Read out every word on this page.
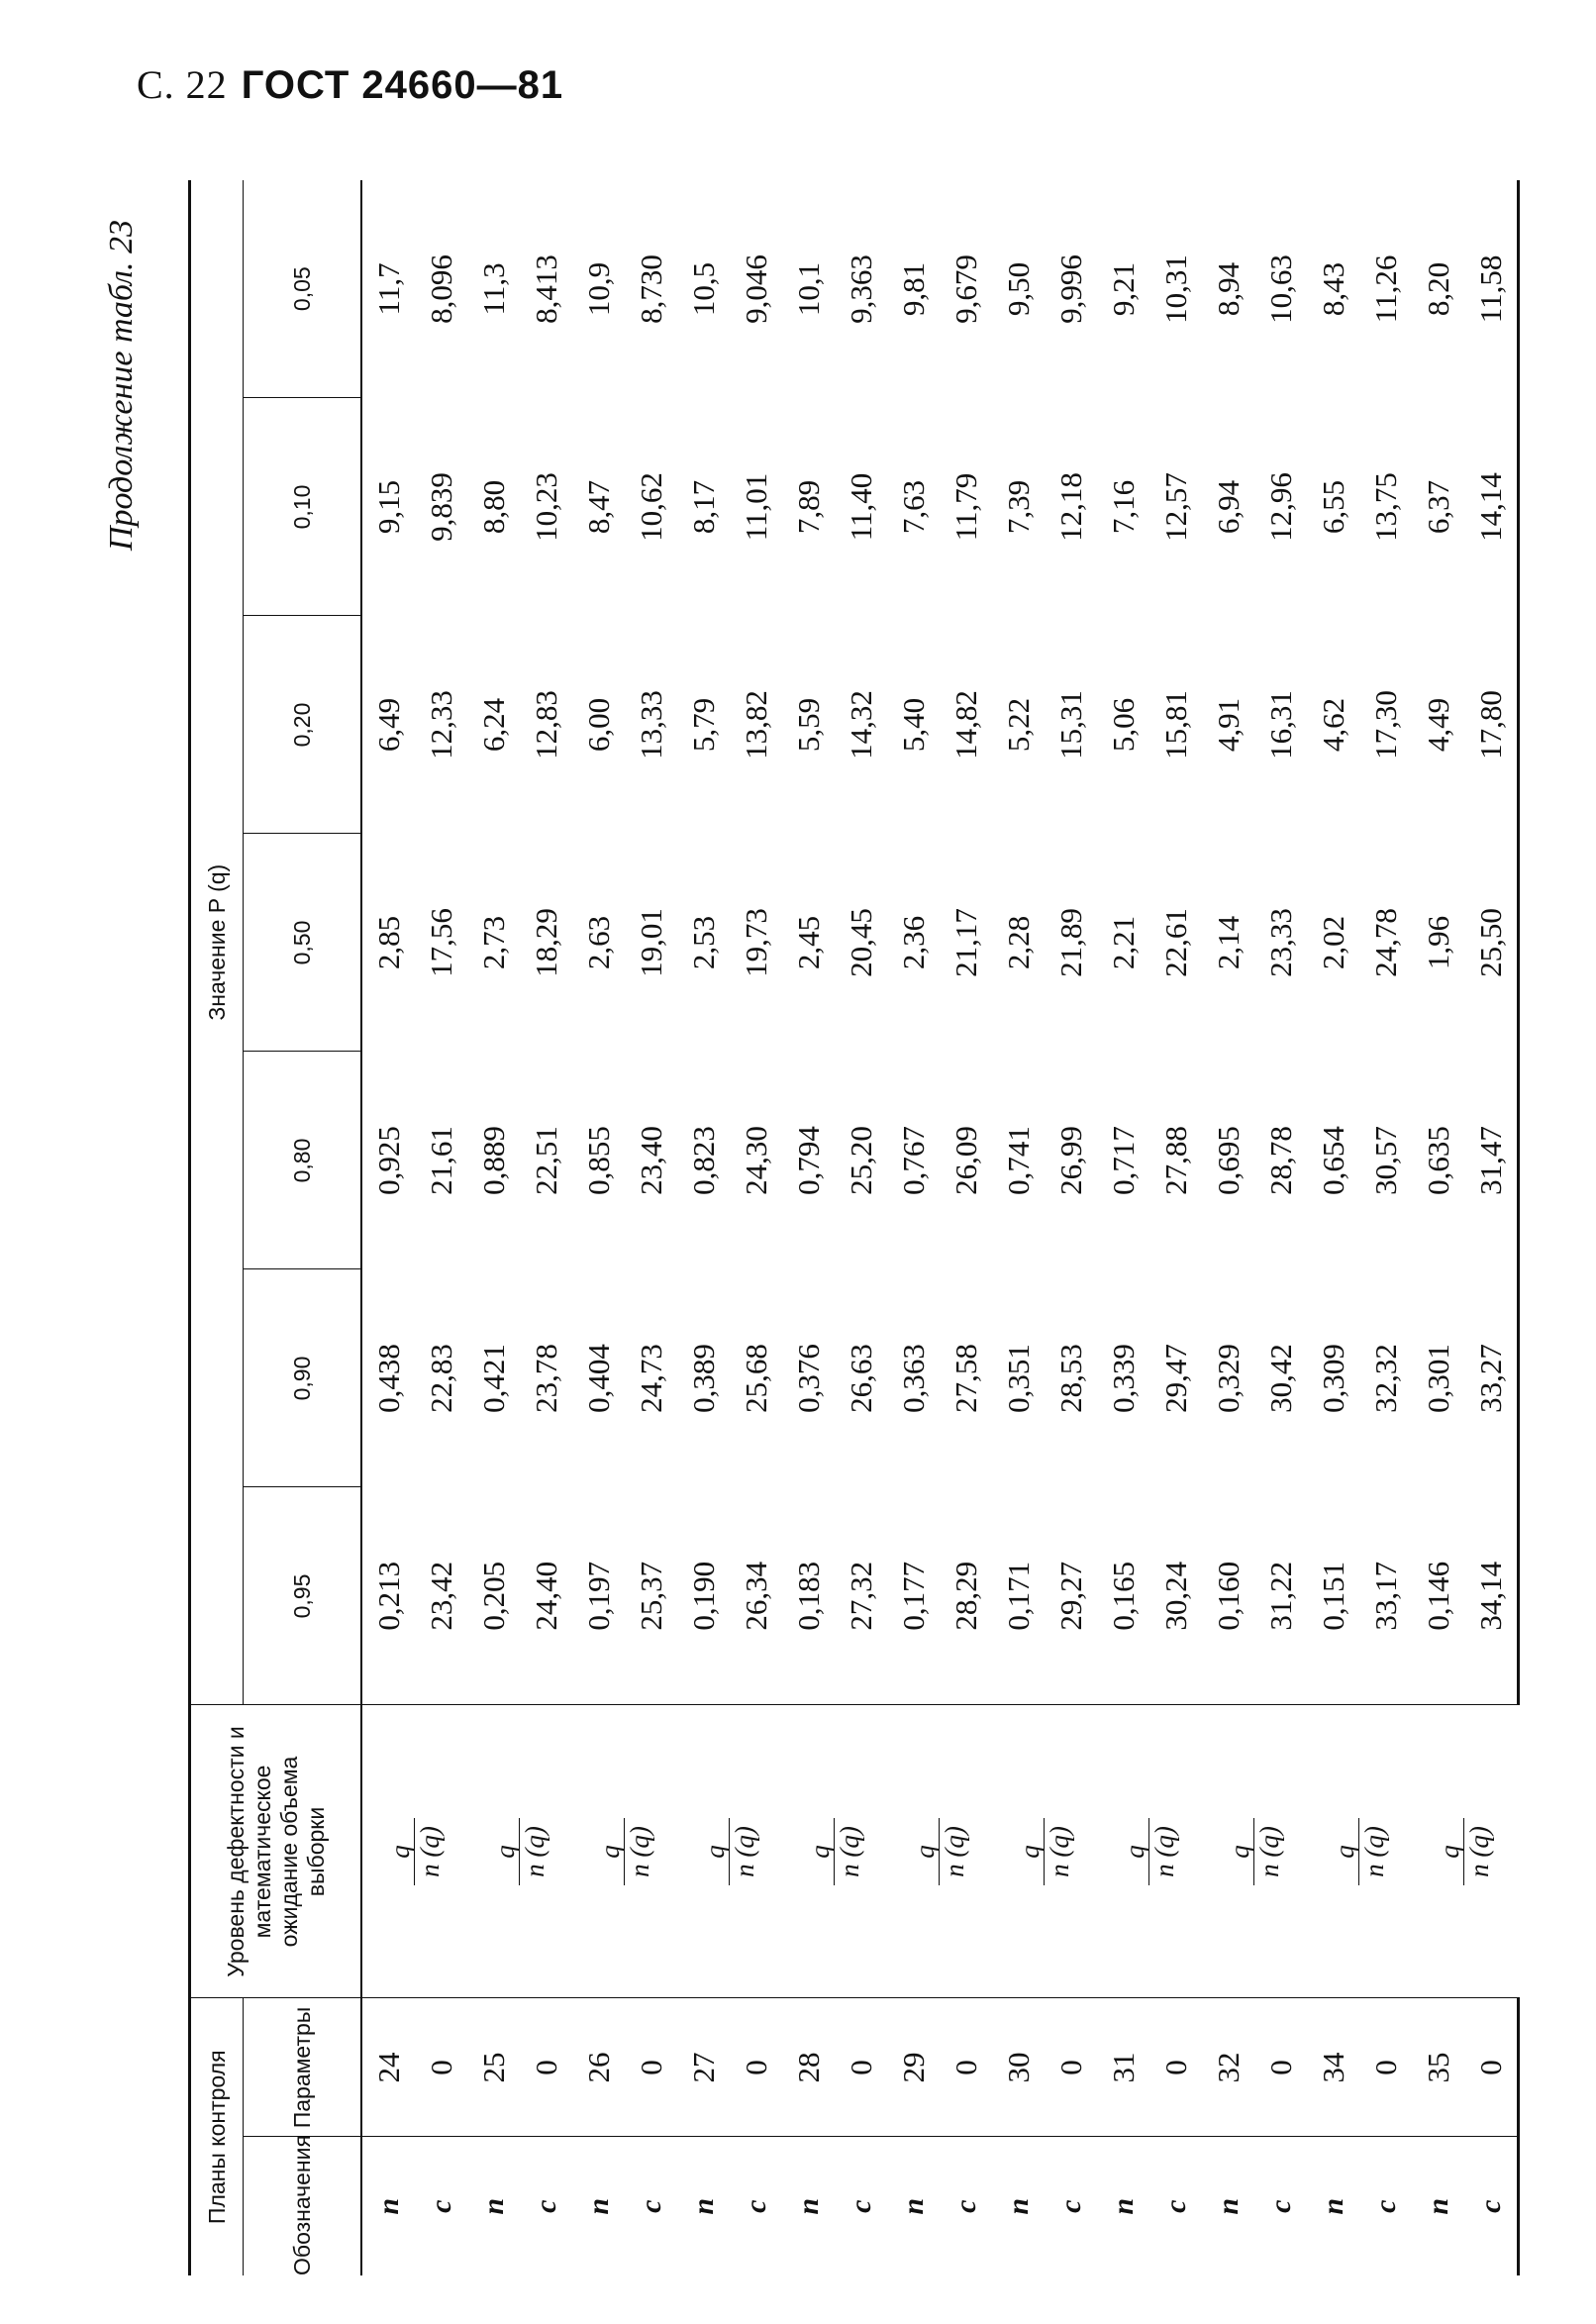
С. 22 ГОСТ 24660—81
Продолжение табл. 23
Планы контроля		Уровень дефектности и математическое ожидание объема выборки	Значение P (q)						
Обозначения	Параметры		0,95	0,90	0,80	0,50	0,20	0,10	0,05
n	24	q n (q)	0,213	0,438	0,925	2,85	6,49	9,15	11,7
c	0		23,42	22,83	21,61	17,56	12,33	9,839	8,096
n	25	q n (q)	0,205	0,421	0,889	2,73	6,24	8,80	11,3
c	0		24,40	23,78	22,51	18,29	12,83	10,23	8,413
n	26	q n (q)	0,197	0,404	0,855	2,63	6,00	8,47	10,9
c	0		25,37	24,73	23,40	19,01	13,33	10,62	8,730
n	27	q n (q)	0,190	0,389	0,823	2,53	5,79	8,17	10,5
c	0		26,34	25,68	24,30	19,73	13,82	11,01	9,046
n	28	q n (q)	0,183	0,376	0,794	2,45	5,59	7,89	10,1
c	0		27,32	26,63	25,20	20,45	14,32	11,40	9,363
n	29	q n (q)	0,177	0,363	0,767	2,36	5,40	7,63	9,81
c	0		28,29	27,58	26,09	21,17	14,82	11,79	9,679
n	30	q n (q)	0,171	0,351	0,741	2,28	5,22	7,39	9,50
c	0		29,27	28,53	26,99	21,89	15,31	12,18	9,996
n	31	q n (q)	0,165	0,339	0,717	2,21	5,06	7,16	9,21
c	0		30,24	29,47	27,88	22,61	15,81	12,57	10,31
n	32	q n (q)	0,160	0,329	0,695	2,14	4,91	6,94	8,94
c	0		31,22	30,42	28,78	23,33	16,31	12,96	10,63
n	34	q n (q)	0,151	0,309	0,654	2,02	4,62	6,55	8,43
c	0		33,17	32,32	30,57	24,78	17,30	13,75	11,26
n	35	q n (q)	0,146	0,301	0,635	1,96	4,49	6,37	8,20
c	0		34,14	33,27	31,47	25,50	17,80	14,14	11,58
